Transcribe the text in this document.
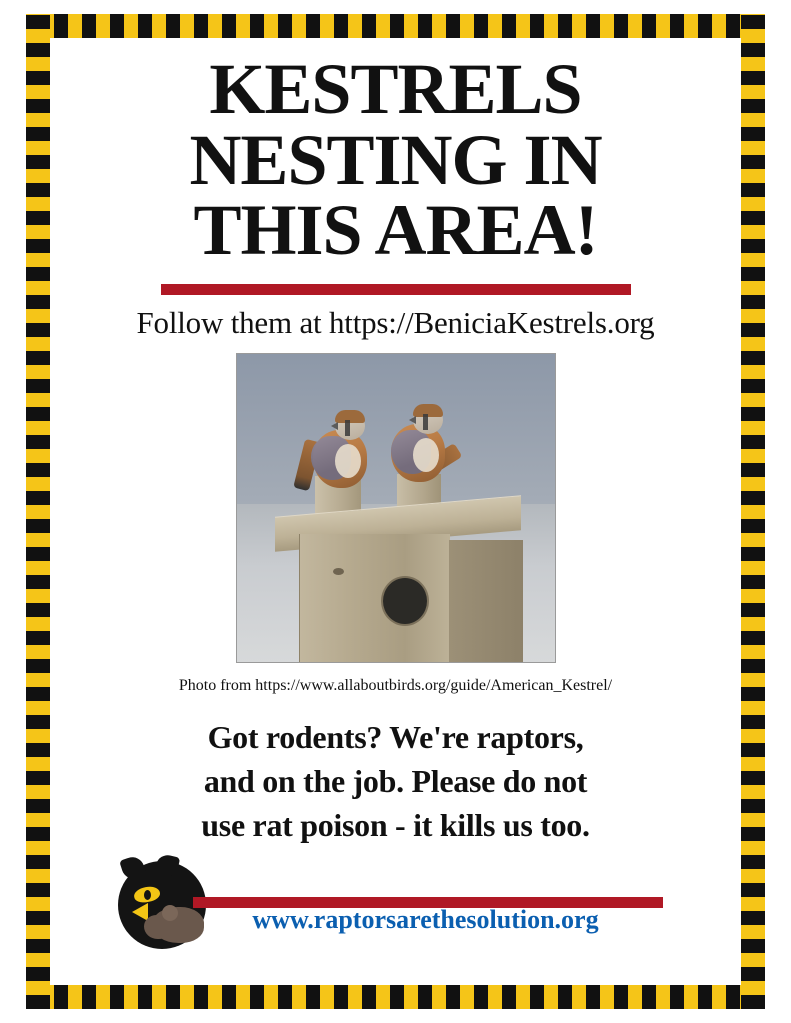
KESTRELS
NESTING IN
THIS AREA!
Follow them at https://BeniciaKestrels.org
Photo from https://www.allaboutbirds.org/guide/American_Kestrel/
Got rodents? We're raptors,
and on the job. Please do not
use rat poison - it kills us too.
www.raptorsarethesolution.org
